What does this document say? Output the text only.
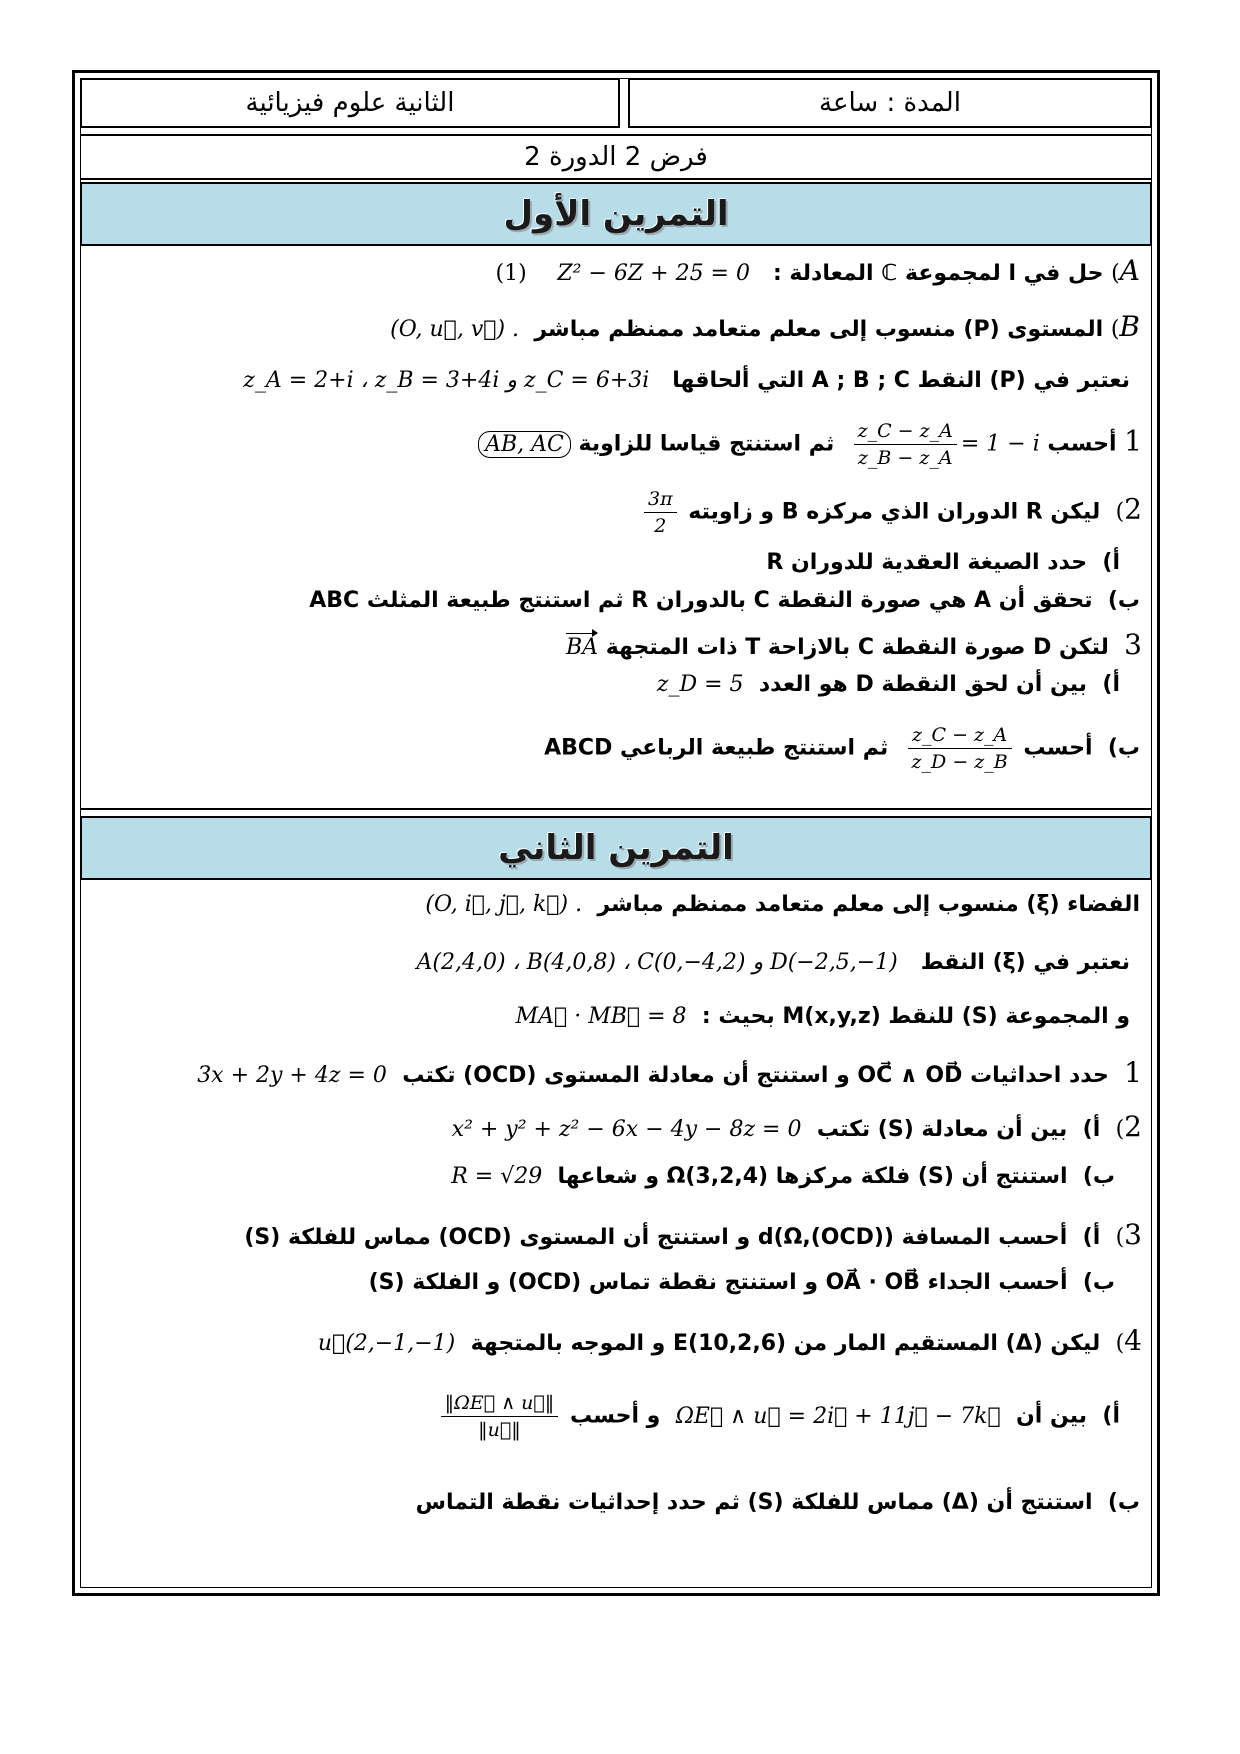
الثانية علوم فيزيائية	المدة : ساعة
فرض 2 الدورة 2
التمرين الأول
A) حل في ا لمجموعة ℂ المعادلة :   Z² − 6Z + 25 = 0    (1)
B) المستوى (P) منسوب إلى معلم متعامد ممنظم مباشر  (O, u⃗, v⃗) .
نعتبر في (P) النقط A ; B ; C التي ألحاقها   z_A = 2+i ، z_B = 3+4i و z_C = 6+3i
1 أحسب
$\frac{z\_C - z\_A}{z\_B - z\_A} = 1 - i$  ثم استنتج قياسا للزاوية AB, AC
2)  ليكن R الدوران الذي مركزه B و زاويته
$\frac{3\pi}{2}$
أ)  حدد الصيغة العقدية للدوران R
ب)  تحقق أن A هي صورة النقطة C بالدوران R ثم استنتج طبيعة المثلث ABC
3  لتكن D صورة النقطة C بالازاحة T ذات المتجهة BA
أ)  بين أن لحق النقطة D هو العدد  z_D = 5
ب)  أحسب
$\frac{z\_C - z\_A}{z\_D - z\_B}$
ثم استنتج طبيعة الرباعي ABCD
التمرين الثاني
الفضاء (ξ) منسوب إلى معلم متعامد ممنظم مباشر  (O, i⃗, j⃗, k⃗) .
نعتبر في (ξ) النقط   A(2,4,0) ، B(4,0,8) ، C(0,−4,2) و D(−2,5,−1)
و المجموعة (S) للنقط M(x,y,z) بحيث :  MA⃗ · MB⃗ = 8
1  حدد احداثيات OC⃗ ∧ OD⃗ و استنتج أن معادلة المستوى (OCD) تكتب  3x + 2y + 4z = 0
2)  أ)  بين أن معادلة (S) تكتب  x² + y² + z² − 6x − 4y − 8z = 0
ب)  استنتج أن (S) فلكة مركزها Ω(3,2,4) و شعاعها  R = √29
3)  أ)  أحسب المسافة d(Ω,(OCD)) و استنتج أن المستوى (OCD) مماس للفلكة (S)
ب)  أحسب الجداء OA⃗ · OB⃗ و استنتج نقطة تماس (OCD) و الفلكة (S)
4)  ليكن (Δ) المستقيم المار من E(10,2,6) و الموجه بالمتجهة  u⃗(2,−1,−1)
أ)  بين أن  ΩE⃗ ∧ u⃗ = 2i⃗ + 11j⃗ − 7k⃗  و أحسب
$\frac{‖\Omega E⃗ \wedge u⃗‖}{‖u⃗‖}$
ب)  استنتج أن (Δ) مماس للفلكة (S) ثم حدد إحداثيات نقطة التماس
